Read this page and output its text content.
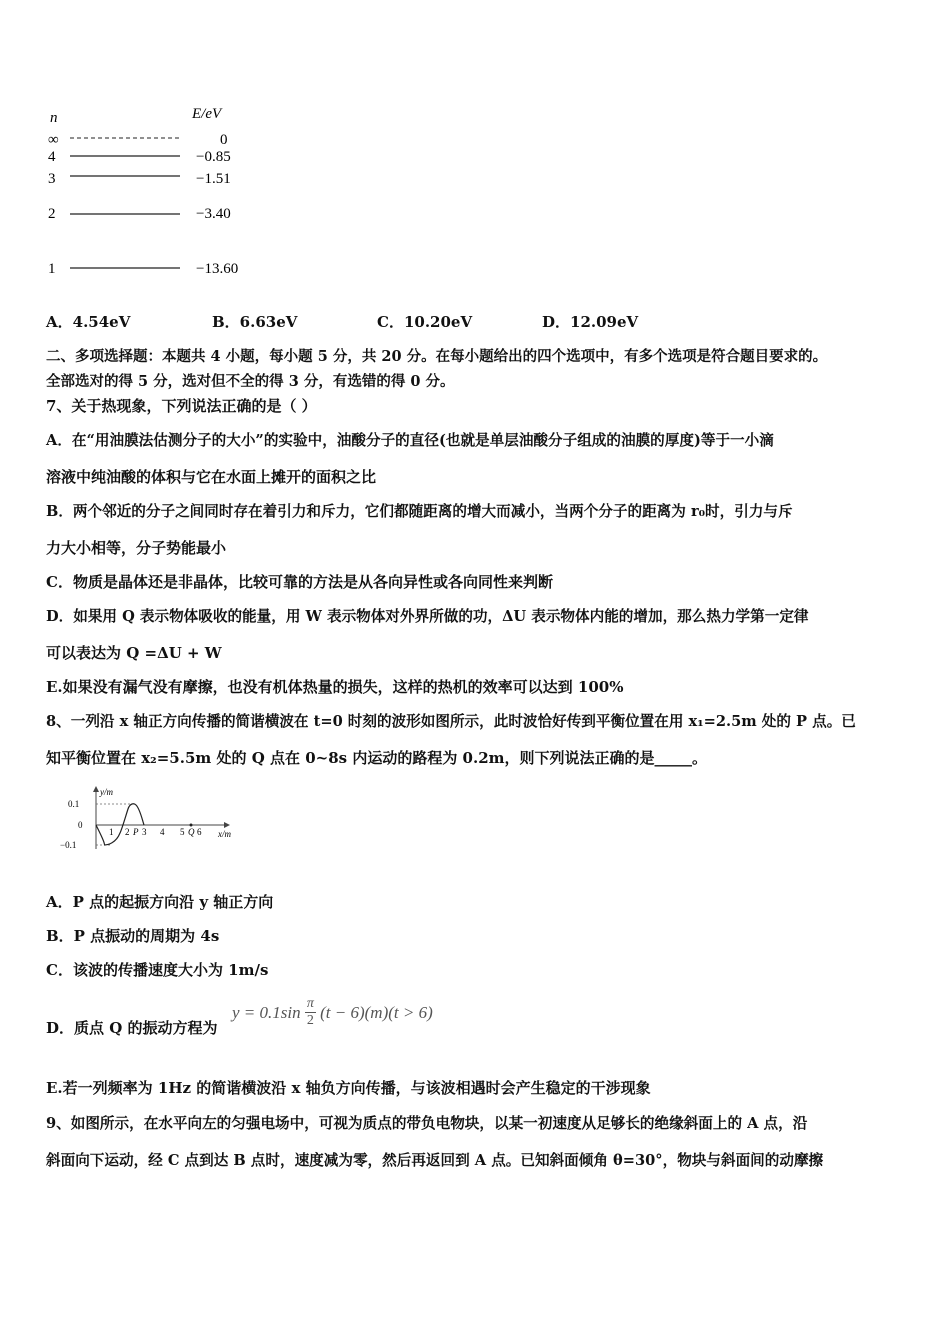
n	E/eV
∞	0
4	−0.85
3	−1.51
2	−3.40
1	−13.60
A．4.54eV	B．6.63eV	C．10.20eV	D．12.09eV
二、多项选择题：本题共 4 小题，每小题 5 分，共 20 分。在每小题给出的四个选项中，有多个选项是符合题目要求的。
全部选对的得 5 分，选对但不全的得 3 分，有选错的得 0 分。
7、关于热现象，下列说法正确的是（ ）
A．在“用油膜法估测分子的大小”的实验中，油酸分子的直径(也就是单层油酸分子组成的油膜的厚度)等于一小滴
溶液中纯油酸的体积与它在水面上摊开的面积之比
B．两个邻近的分子之间同时存在着引力和斥力，它们都随距离的增大而减小，当两个分子的距离为 r₀时，引力与斥
力大小相等，分子势能最小
C．物质是晶体还是非晶体，比较可靠的方法是从各向异性或各向同性来判断
D．如果用 Q 表示物体吸收的能量，用 W 表示物体对外界所做的功，ΔU 表示物体内能的增加，那么热力学第一定律
可以表达为 Q =ΔU + W
E.如果没有漏气没有摩擦，也没有机体热量的损失，这样的热机的效率可以达到 100%
8、一列沿 x 轴正方向传播的简谐横波在 t=0 时刻的波形如图所示，此时波恰好传到平衡位置在用 x₁=2.5m 处的 P 点。已
知平衡位置在 x₂=5.5m 处的 Q 点在 0~8s 内运动的路程为 0.2m，则下列说法正确的是_____。
y/m
x/m
0.1
0
−0.1
1 2 P 3 4 5 Q 6
A．P 点的起振方向沿 y 轴正方向
B．P 点振动的周期为 4s
C．该波的传播速度大小为 1m/s
D．质点 Q 的振动方程为
$y = 0.1\sin \frac{\pi}{2} (t - 6)(m)(t > 6)$
E.若一列频率为 1Hz 的简谐横波沿 x 轴负方向传播，与该波相遇时会产生稳定的干涉现象
9、如图所示，在水平向左的匀强电场中，可视为质点的带负电物块，以某一初速度从足够长的绝缘斜面上的 A 点，沿
斜面向下运动，经 C 点到达 B 点时，速度减为零，然后再返回到 A 点。已知斜面倾角 θ=30°，物块与斜面间的动摩擦
